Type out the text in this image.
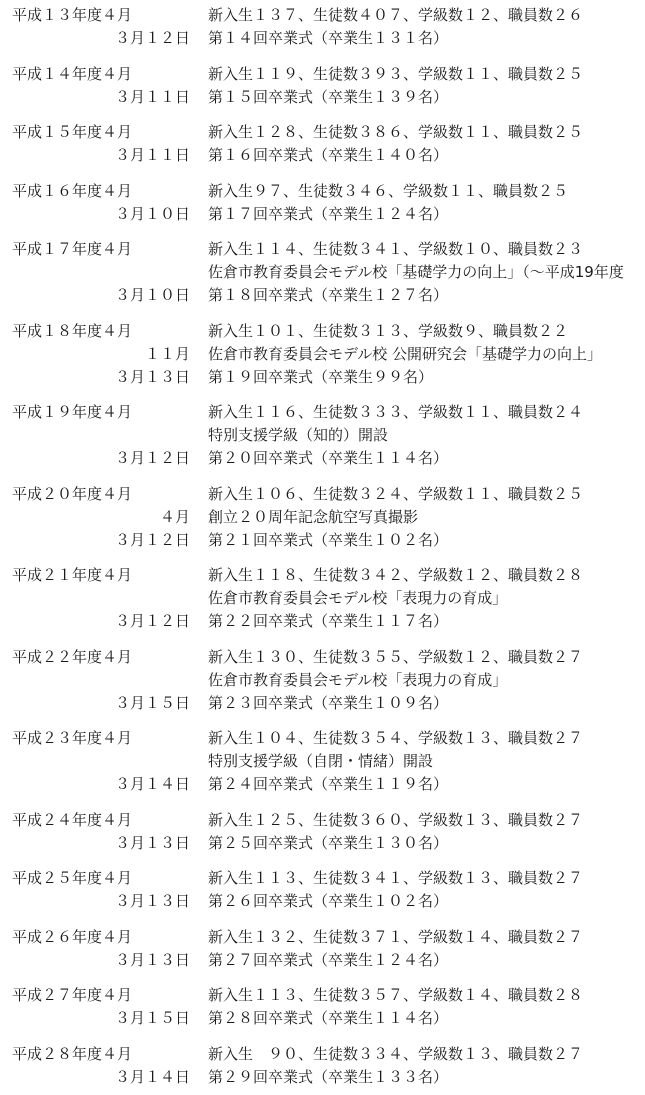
平成１３年度４月	新入生１３７、生徒数４０７、学級数１２、職員数２６
３月１２日 第１４回卒業式（卒業生１３１名）
平成１４年度４月	新入生１１９、生徒数３９３、学級数１１、職員数２５
３月１１日 第１５回卒業式（卒業生１３９名）
平成１５年度４月	新入生１２８、生徒数３８６、学級数１１、職員数２５
３月１１日 第１６回卒業式（卒業生１４０名）
平成１６年度４月	新入生９７、生徒数３４６、学級数１１、職員数２５
３月１０日 第１７回卒業式（卒業生１２４名）
平成１７年度４月	新入生１１４、生徒数３４１、学級数１０、職員数２３
佐倉市教育委員会モデル校「基礎学力の向上」（～平成19年度
３月１０日 第１８回卒業式（卒業生１２７名）
平成１８年度４月	新入生１０１、生徒数３１３、学級数９、職員数２２
１１月 佐倉市教育委員会モデル校 公開研究会「基礎学力の向上」
３月１３日 第１９回卒業式（卒業生９９名）
平成１９年度４月	新入生１１６、生徒数３３３、学級数１１、職員数２４
特別支援学級（知的）開設
３月１２日 第２０回卒業式（卒業生１１４名）
平成２０年度４月	新入生１０６、生徒数３２４、学級数１１、職員数２５
４月 創立２０周年記念航空写真撮影
３月１２日 第２１回卒業式（卒業生１０２名）
平成２１年度４月	新入生１１８、生徒数３４２、学級数１２、職員数２８
佐倉市教育委員会モデル校「表現力の育成」
３月１２日 第２２回卒業式（卒業生１１７名）
平成２２年度４月	新入生１３０、生徒数３５５、学級数１２、職員数２７
佐倉市教育委員会モデル校「表現力の育成」
３月１５日 第２３回卒業式（卒業生１０９名）
平成２３年度４月	新入生１０４、生徒数３５４、学級数１３、職員数２７
特別支援学級（自閉・情緒）開設
３月１４日 第２４回卒業式（卒業生１１９名）
平成２４年度４月	新入生１２５、生徒数３６０、学級数１３、職員数２７
３月１３日 第２５回卒業式（卒業生１３０名）
平成２５年度４月	新入生１１３、生徒数３４１、学級数１３、職員数２７
３月１３日 第２６回卒業式（卒業生１０２名）
平成２６年度４月	新入生１３２、生徒数３７１、学級数１４、職員数２７
３月１３日 第２７回卒業式（卒業生１２４名）
平成２７年度４月	新入生１１３、生徒数３５７、学級数１４、職員数２８
３月１５日 第２８回卒業式（卒業生１１４名）
平成２８年度４月	新入生　９０、生徒数３３４、学級数１３、職員数２７
３月１４日 第２９回卒業式（卒業生１３３名）
